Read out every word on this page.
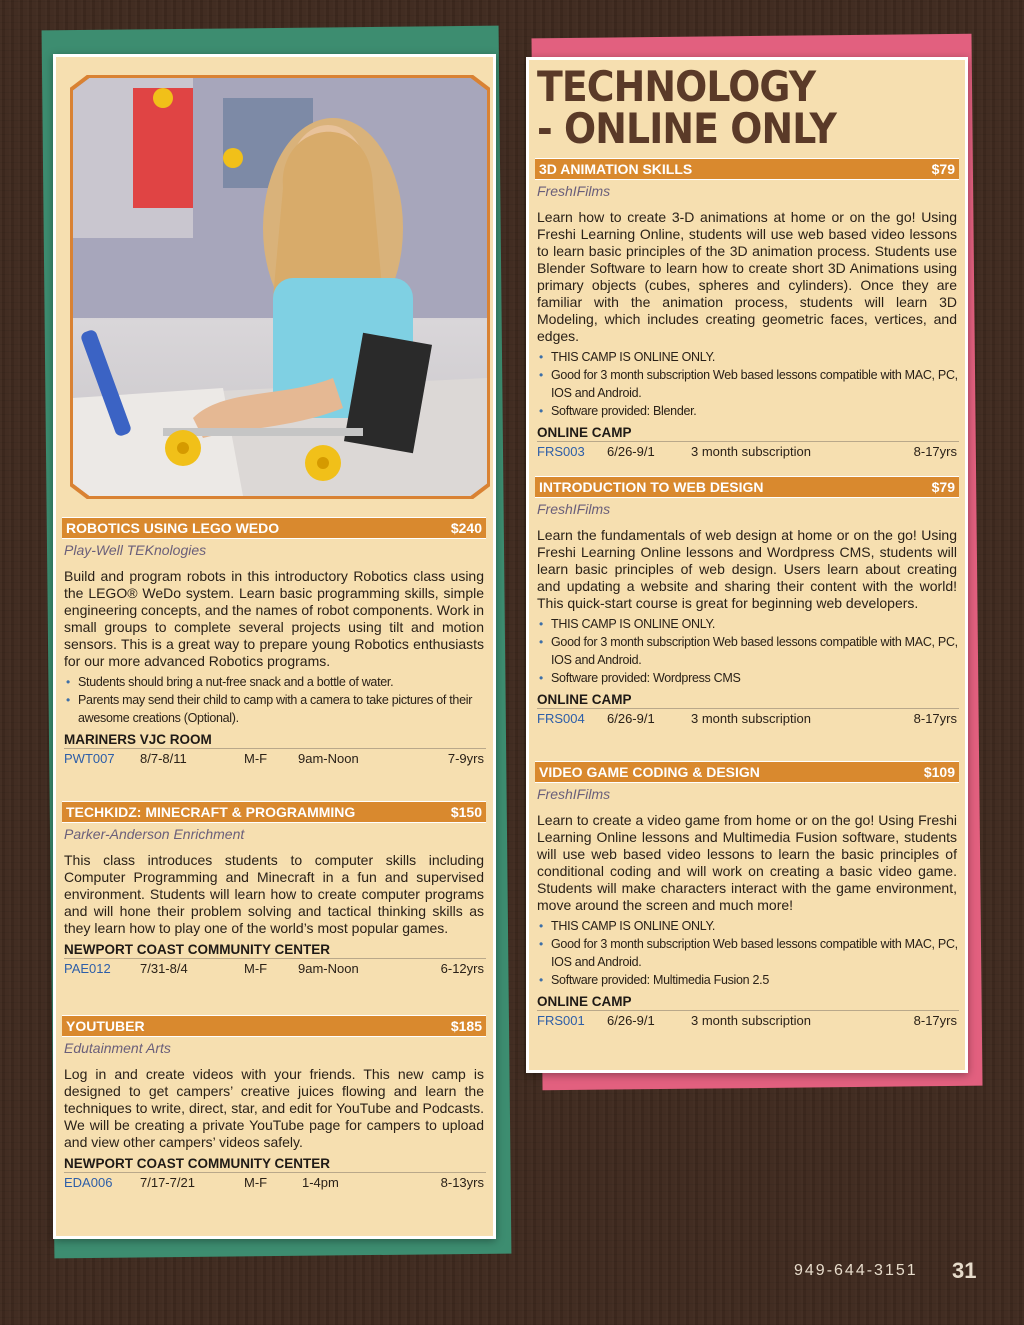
ROBOTICS USING LEGO WEDO	$240
Play-Well TEKnologies
Build and program robots in this introductory Robotics class using the LEGO® WeDo system. Learn basic programming skills, simple engineering concepts, and the names of robot components. Work in small groups to complete several projects using tilt and motion sensors. This is a great way to prepare young Robotics enthusiasts for our more advanced Robotics programs.
• Students should bring a nut-free snack and a bottle of water.
• Parents may send their child to camp with a camera to take pictures of their awesome creations (Optional).
MARINERS VJC ROOM
PWT007 8/7-8/11	M-F 9am-Noon	7-9yrs
TECHKIDZ: MINECRAFT & PROGRAMMING	$150
Parker-Anderson Enrichment
This class introduces students to computer skills including Computer Programming and Minecraft in a fun and supervised environment. Students will learn how to create computer programs and will hone their problem solving and tactical thinking skills as they learn how to play one of the world’s most popular games.
NEWPORT COAST COMMUNITY CENTER
PAE012 7/31-8/4	M-F 9am-Noon	6-12yrs
YOUTUBER	$185
Edutainment Arts
Log in and create videos with your friends. This new camp is designed to get campers’ creative juices flowing and learn the techniques to write, direct, star, and edit for YouTube and Podcasts. We will be creating a private YouTube page for campers to upload and view other campers’ videos safely.
NEWPORT COAST COMMUNITY CENTER
EDA006 7/17-7/21	M-F	1-4pm	8-13yrs
TECHNOLOGY
- ONLINE ONLY
3D ANIMATION SKILLS	$79
FreshIFilms
Learn how to create 3-D animations at home or on the go! Using Freshi Learning Online, students will use web based video lessons to learn basic principles of the 3D animation process. Students use Blender Software to learn how to create short 3D Animations using primary objects (cubes, spheres and cylinders). Once they are familiar with the animation process, students will learn 3D Modeling, which includes creating geometric faces, vertices, and edges.
• THIS CAMP IS ONLINE ONLY.
• Good for 3 month subscription Web based lessons compatible with MAC, PC, IOS and Android.
• Software provided: Blender.
ONLINE CAMP
FRS003 6/26-9/1	3 month subscription	8-17yrs
INTRODUCTION TO WEB DESIGN	$79
FreshIFilms
Learn the fundamentals of web design at home or on the go! Using Freshi Learning Online lessons and Wordpress CMS, students will learn basic principles of web design. Users learn about creating and updating a website and sharing their content with the world! This quick-start course is great for beginning web developers.
• THIS CAMP IS ONLINE ONLY.
• Good for 3 month subscription Web based lessons compatible with MAC, PC, IOS and Android.
• Software provided: Wordpress CMS
ONLINE CAMP
FRS004 6/26-9/1	3 month subscription	8-17yrs
VIDEO GAME CODING & DESIGN	$109
FreshIFilms
Learn to create a video game from home or on the go! Using Freshi Learning Online lessons and Multimedia Fusion software, students will use web based video lessons to learn the basic principles of conditional coding and will work on creating a basic video game. Students will make characters interact with the game environment, move around the screen and much more!
• THIS CAMP IS ONLINE ONLY.
• Good for 3 month subscription Web based lessons compatible with MAC, PC, IOS and Android.
• Software provided: Multimedia Fusion 2.5
ONLINE CAMP
FRS001 6/26-9/1	3 month subscription	8-17yrs
949-644-3151 31
